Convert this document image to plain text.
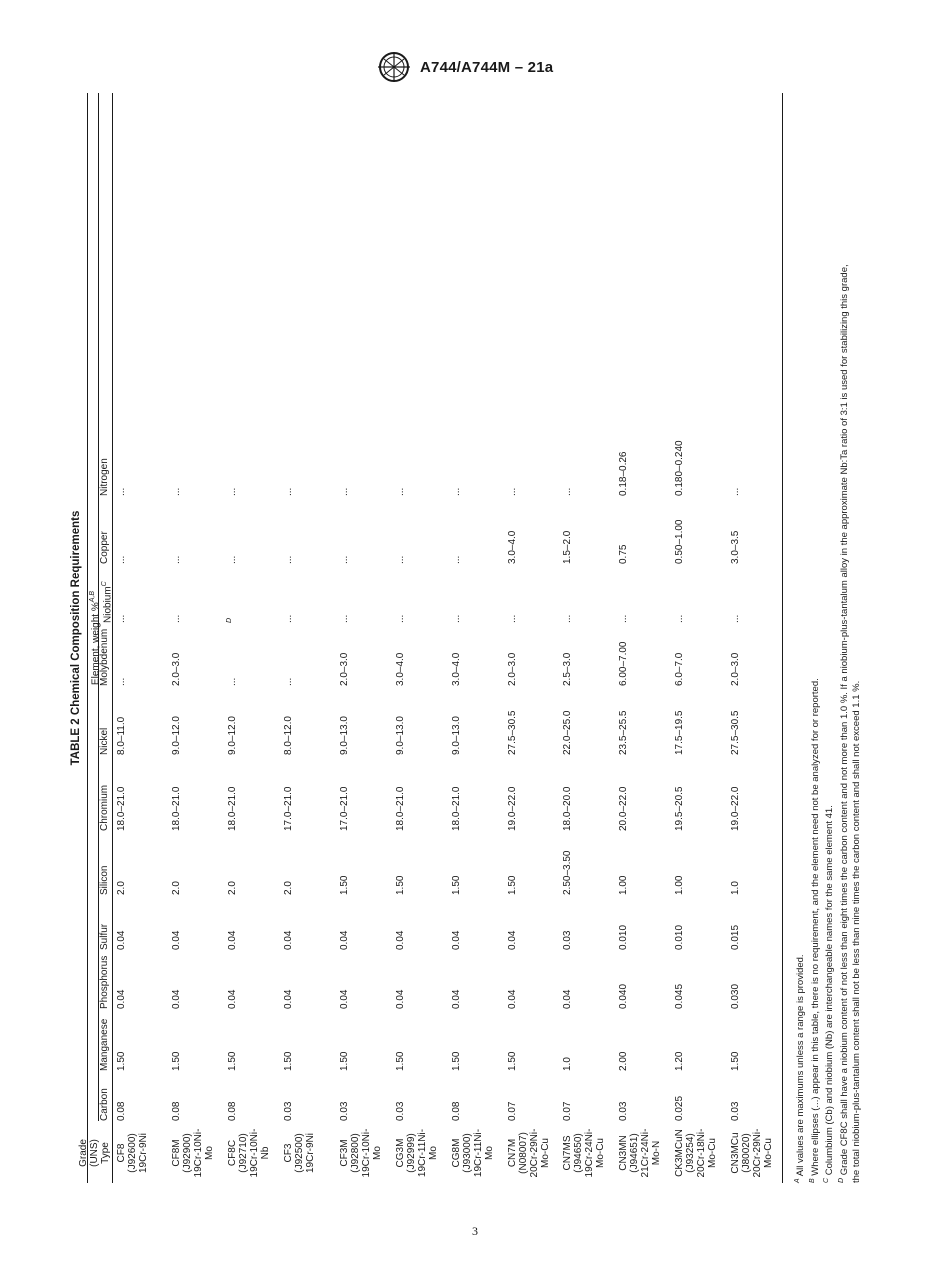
A744/A744M – 21a
TABLE 2 Chemical Composition Requirements Element, weight %$^{A,B}$
Grade (UNS) Type
Carbon
Manganese
Phosphorus
Sulfur
Silicon
Chromium
Nickel
Molybdenum
Niobium$^C$
Copper
Nitrogen
CF8 (J92600) 19Cr-9Ni
0.08
1.50
0.04
0.04
2.0
18.0–21.0
8.0–11.0
...
...
...
...
CF8M (J92900) 19Cr-10Ni-Mo
0.08
1.50
0.04
0.04
2.0
18.0–21.0
9.0–12.0
2.0–3.0
...
...
...
CF8C (J92710) 19Cr-10Ni-Nb
0.08
1.50
0.04
0.04
2.0
18.0–21.0
9.0–12.0
...
D
...
...
CF3 (J92500) 19Cr-9Ni
0.03
1.50
0.04
0.04
2.0
17.0–21.0
8.0–12.0
...
...
...
...
CF3M (J92800) 19Cr-10Ni-Mo
0.03
1.50
0.04
0.04
1.50
17.0–21.0
9.0–13.0
2.0–3.0
...
...
...
CG3M (J92999) 19Cr-11Ni-Mo
0.03
1.50
0.04
0.04
1.50
18.0–21.0
9.0–13.0
3.0–4.0
...
...
...
CG8M (J93000) 19Cr-11Ni-Mo
0.08
1.50
0.04
0.04
1.50
18.0–21.0
9.0–13.0
3.0–4.0
...
...
...
CN7M (N08007) 20Cr-29Ni-Mo-Cu
0.07
1.50
0.04
0.04
1.50
19.0–22.0
27.5–30.5
2.0–3.0
...
3.0–4.0
...
CN7MS (J94650) 19Cr-24Ni-Mo-Cu
0.07
1.0
0.04
0.03
2.50–3.50
18.0–20.0
22.0–25.0
2.5–3.0
...
1.5–2.0
...
CN3MN (J94651) 21Cr-24Ni-Mo-N
0.03
2.00
0.040
0.010
1.00
20.0–22.0
23.5–25.5
6.00–7.00
...
0.75
0.18–0.26
CK3MCuN (J93254) 20Cr-18Ni-Mo-Cu
0.025
1.20
0.045
0.010
1.00
19.5–20.5
17.5–19.5
6.0–7.0
...
0.50–1.00
0.180–0.240
CN3MCu (J80020) 20Cr-29Ni-Mo-Cu
0.03
1.50
0.030
0.015
1.0
19.0–22.0
27.5–30.5
2.0–3.0
...
3.0–3.5
...
$^A$ All values are maximums unless a range is provided.
$^B$ Where ellipses (...) appear in this table, there is no requirement, and the element need not be analyzed for or reported.
$^C$ Columbium (Cb) and niobium (Nb) are interchangeable names for the same element 41.
$^D$ Grade CF8C shall have a niobium content of not less than eight times the carbon content and not more than 1.0 %. If a niobium-plus-tantalum alloy in the approximate Nb:Ta ratio of 3:1 is used for stabilizing this grade, the total niobium-plus-tantalum content shall not be less than nine times the carbon content and shall not exceed 1.1 %.
3
